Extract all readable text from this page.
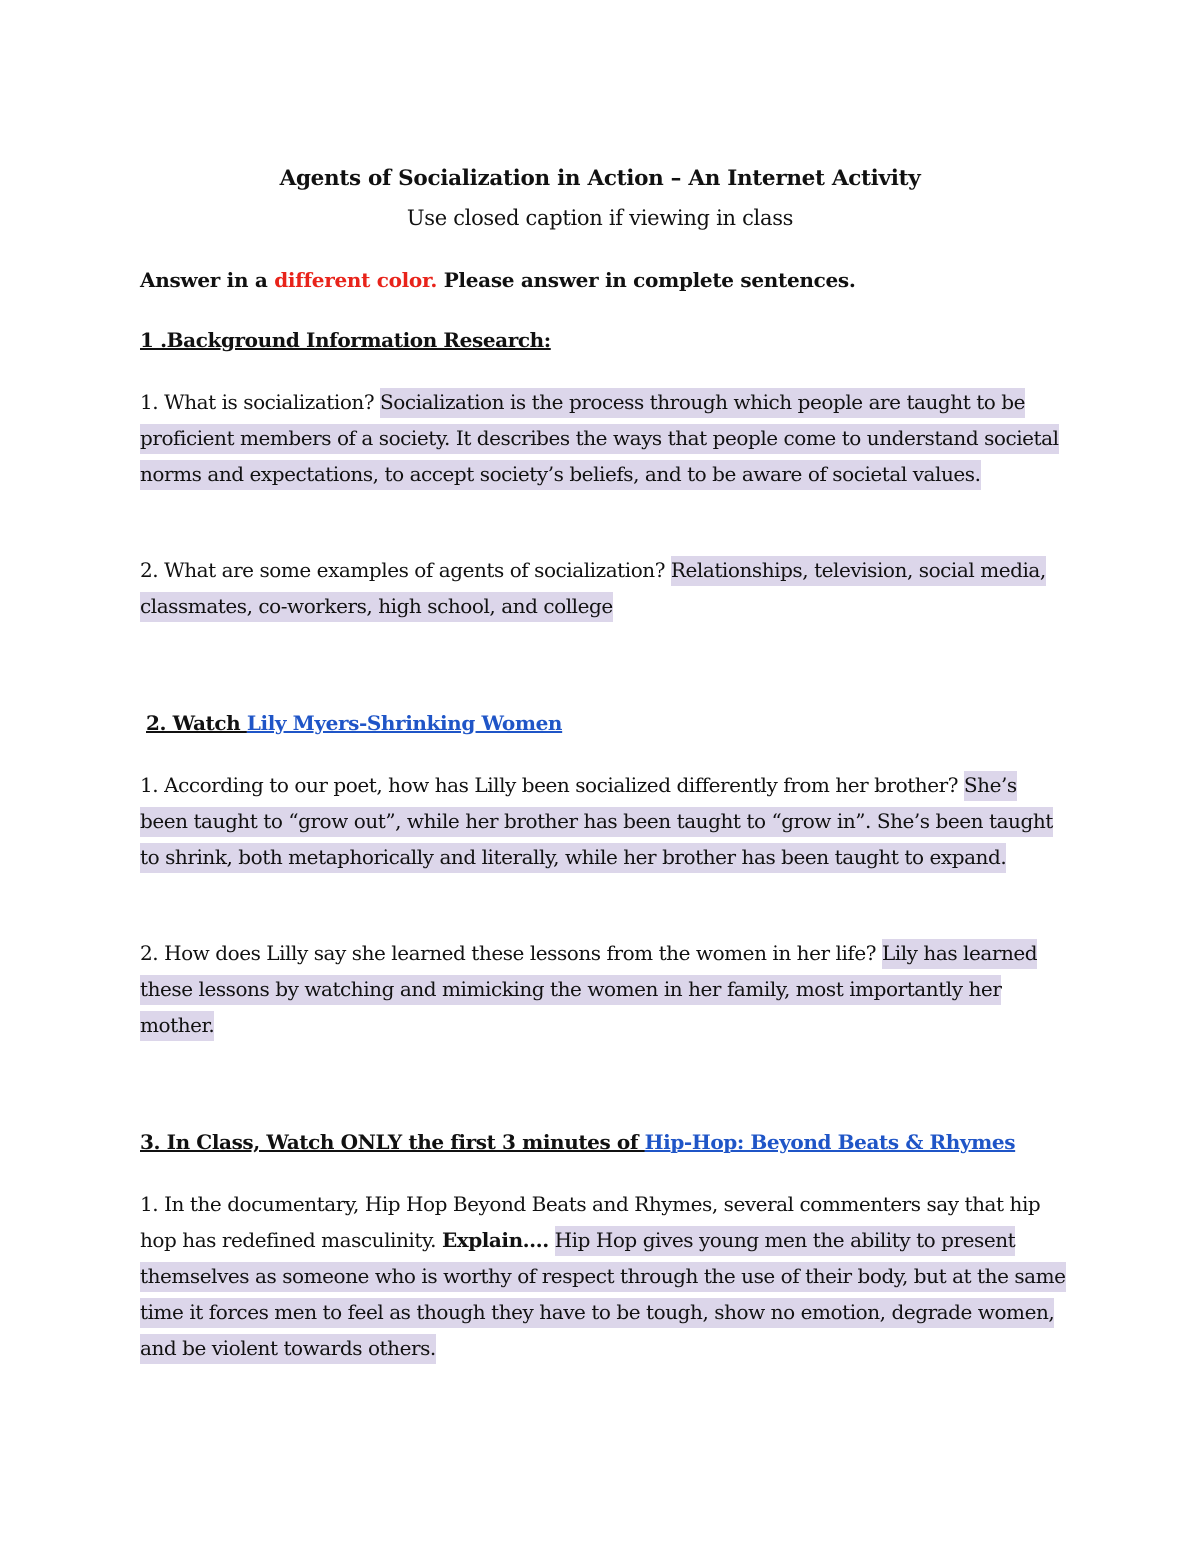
Agents of Socialization in Action – An Internet Activity
Use closed caption if viewing in class
Answer in a different color. Please answer in complete sentences.
1 .Background Information Research:
1. What is socialization? Socialization is the process through which people are taught to be proficient members of a society. It describes the ways that people come to understand societal norms and expectations, to accept society’s beliefs, and to be aware of societal values.
2. What are some examples of agents of socialization? Relationships, television, social media, classmates, co-workers, high school, and college
2. Watch Lily Myers-Shrinking Women
1. According to our poet, how has Lilly been socialized differently from her brother? She’s been taught to “grow out”, while her brother has been taught to “grow in”. She’s been taught to shrink, both metaphorically and literally, while her brother has been taught to expand.
2. How does Lilly say she learned these lessons from the women in her life? Lily has learned these lessons by watching and mimicking the women in her family, most importantly her mother.
3. In Class, Watch ONLY the first 3 minutes of Hip-Hop: Beyond Beats & Rhymes
1. In the documentary, Hip Hop Beyond Beats and Rhymes, several commenters say that hip hop has redefined masculinity. Explain…. Hip Hop gives young men the ability to present themselves as someone who is worthy of respect through the use of their body, but at the same time it forces men to feel as though they have to be tough, show no emotion, degrade women, and be violent towards others.
